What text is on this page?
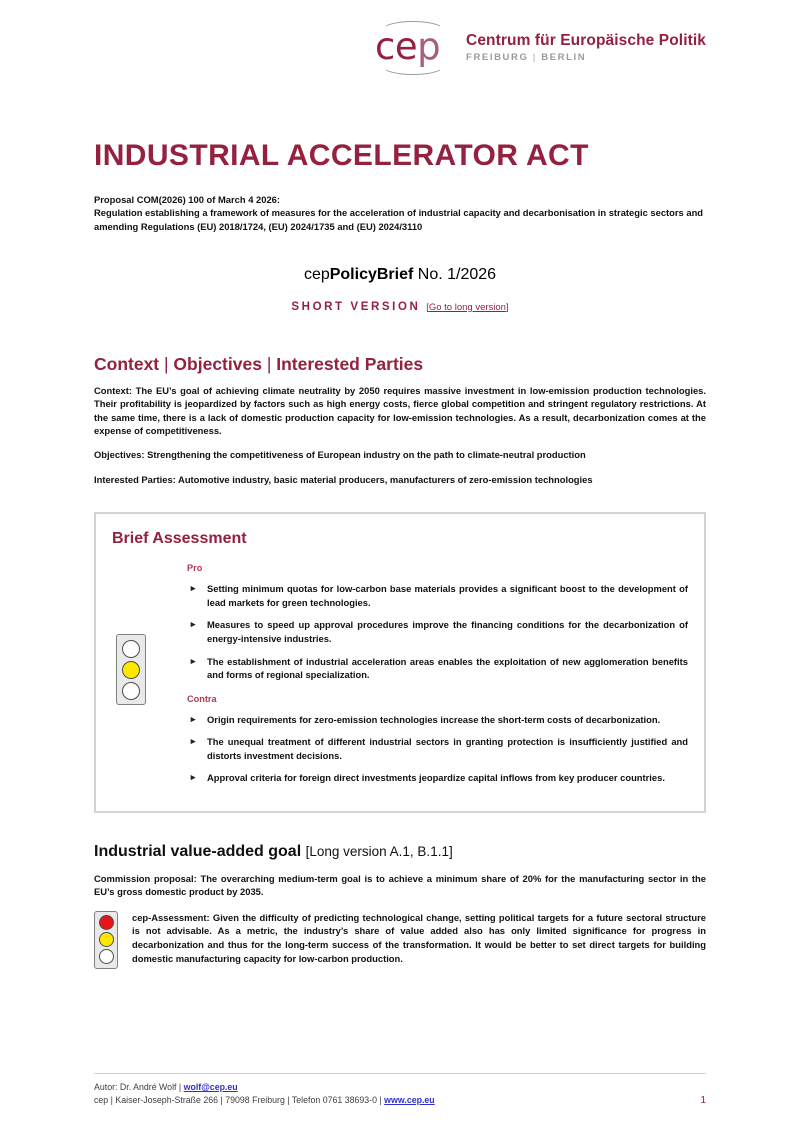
cep Centrum für Europäische Politik
FREIBURG | BERLIN
INDUSTRIAL ACCELERATOR ACT
Proposal COM(2026) 100 of March 4 2026:
Regulation establishing a framework of measures for the acceleration of industrial capacity and decarbonisation in strategic sectors and amending Regulations (EU) 2018/1724, (EU) 2024/1735 and (EU) 2024/3110
cepPolicyBrief No. 1/2026
SHORT VERSION [Go to long version]
Context | Objectives | Interested Parties

Context: The EU’s goal of achieving climate neutrality by 2050 requires massive investment in low-emission production technologies. Their profitability is jeopardized by factors such as high energy costs, fierce global competition and stringent regulatory restrictions. At the same time, there is a lack of domestic production capacity for low-emission technologies. As a result, decarbonization comes at the expense of competitiveness.

Objectives: Strengthening the competitiveness of European industry on the path to climate-neutral production

Interested Parties: Automotive industry, basic material producers, manufacturers of zero-emission technologies

Brief Assessment
Pro
► Setting minimum quotas for low-carbon base materials provides a significant boost to the development of lead markets for green technologies.
► Measures to speed up approval procedures improve the financing conditions for the decarbonization of energy-intensive industries.
► The establishment of industrial acceleration areas enables the exploitation of new agglomeration benefits and forms of regional specialization.
Contra
► Origin requirements for zero-emission technologies increase the short-term costs of decarbonization.
► The unequal treatment of different industrial sectors in granting protection is insufficiently justified and distorts investment decisions.
► Approval criteria for foreign direct investments jeopardize capital inflows from key producer countries.
Industrial value-added goal [Long version A.1, B.1.1]

Commission proposal: The overarching medium-term goal is to achieve a minimum share of 20% for the manufacturing sector in the EU’s gross domestic product by 2035.

cep-Assessment: Given the difficulty of predicting technological change, setting political targets for a future sectoral structure is not advisable. As a metric, the industry’s share of value added also has only limited significance for progress in decarbonization and thus for the long-term success of the transformation. It would be better to set direct targets for building domestic manufacturing capacity for low-carbon production.

Autor: Dr. André Wolf | wolf@cep.eu
cep | Kaiser-Joseph-Straße 266 | 79098 Freiburg | Telefon 0761 38693-0 | www.cep.eu	1
